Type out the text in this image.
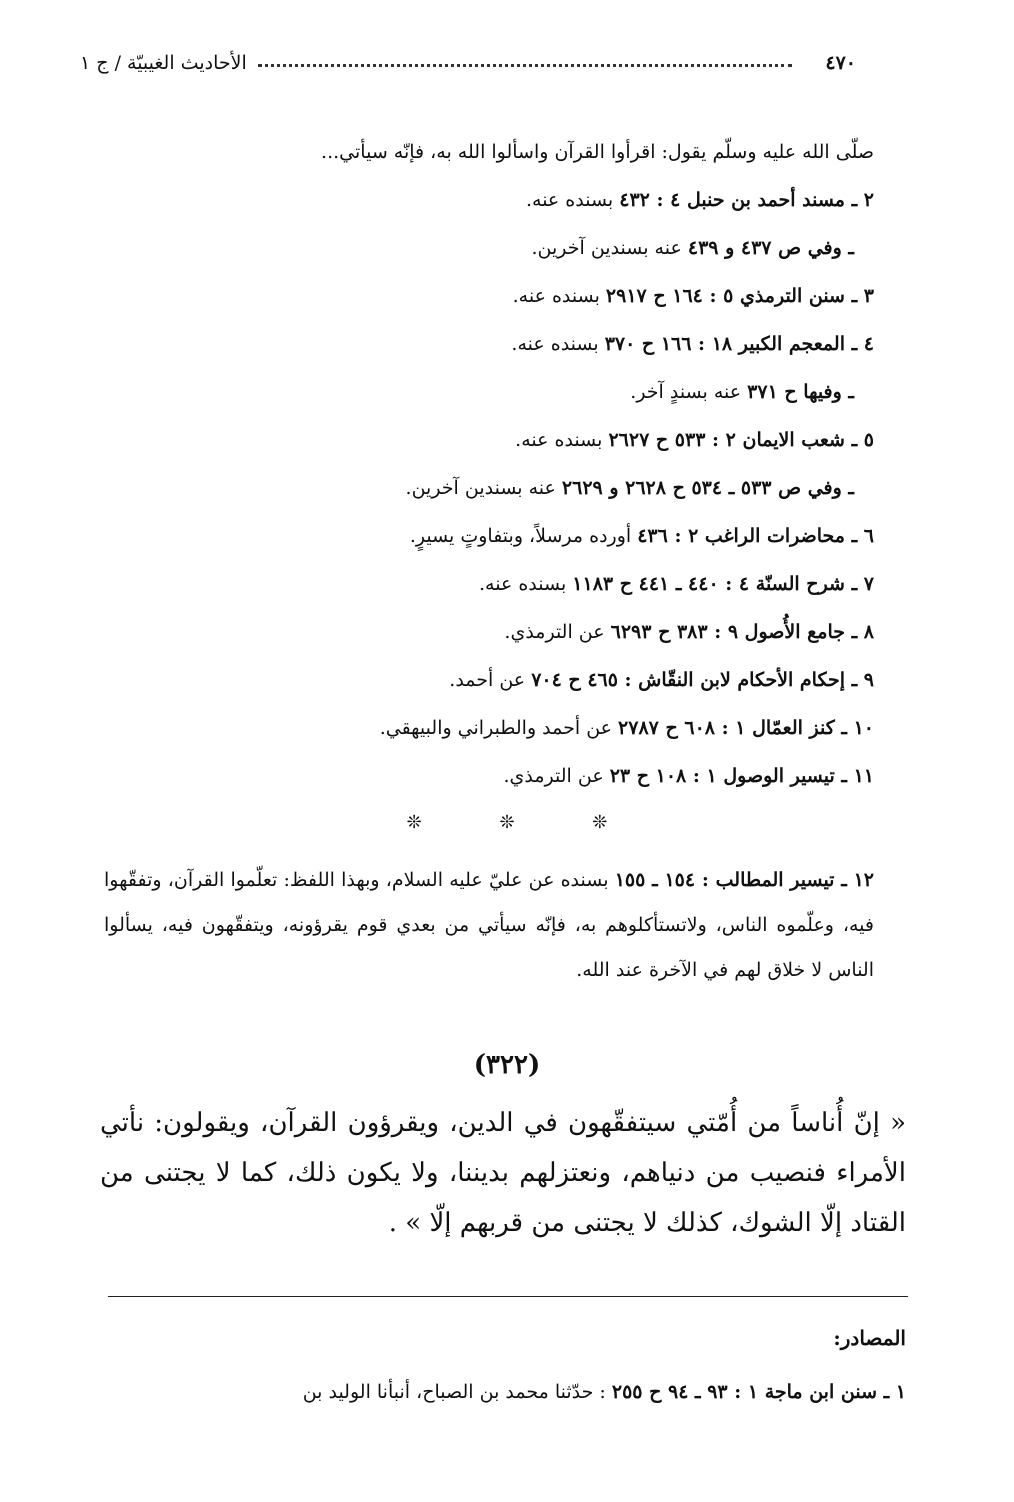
٤٧٠
الأحاديث الغيبيّة / ج ١
صلّى الله عليه وسلّم يقول: اقرأوا القرآن واسألوا الله به، فإنّه سيأتي...
٢ ـ مسند أحمد بن حنبل ٤ : ٤٣٢ بسنده عنه.
ـ وفي ص ٤٣٧ و ٤٣٩ عنه بسندين آخرين.
٣ ـ سنن الترمذي ٥ : ١٦٤ ح ٢٩١٧ بسنده عنه.
٤ ـ المعجم الكبير ١٨ : ١٦٦ ح ٣٧٠ بسنده عنه.
ـ وفيها ح ٣٧١ عنه بسندٍ آخر.
٥ ـ شعب الايمان ٢ : ٥٣٣ ح ٢٦٢٧ بسنده عنه.
ـ وفي ص ٥٣٣ ـ ٥٣٤ ح ٢٦٢٨ و ٢٦٢٩ عنه بسندين آخرين.
٦ ـ محاضرات الراغب ٢ : ٤٣٦ أورده مرسلاً، وبتفاوتٍ يسيرٍ.
٧ ـ شرح السنّة ٤ : ٤٤٠ ـ ٤٤١ ح ١١٨٣ بسنده عنه.
٨ ـ جامع الأُصول ٩ : ٣٨٣ ح ٦٢٩٣ عن الترمذي.
٩ ـ إحكام الأحكام لابن النقّاش : ٤٦٥ ح ٧٠٤ عن أحمد.
١٠ ـ كنز العمّال ١ : ٦٠٨ ح ٢٧٨٧ عن أحمد والطبراني والبيهقي.
١١ ـ تيسير الوصول ١ : ١٠٨ ح ٢٣ عن الترمذي.
❊ ❊ ❊
١٢ ـ تيسير المطالب : ١٥٤ ـ ١٥٥ بسنده عن عليّ عليه السلام، وبهذا اللفظ: تعلّموا القرآن، وتفقّهوا فيه، وعلّموه الناس، ولاتستأكلوهم به، فإنّه سيأتي من بعدي قوم يقرؤونه، ويتفقّهون فيه، يسألوا الناس لا خلاق لهم في الآخرة عند الله.
(٣٢٢)
« إنّ أُناساً من أُمّتي سيتفقّهون في الدين، ويقرؤون القرآن، ويقولون: نأتي الأمراء فنصيب من دنياهم، ونعتزلهم بديننا، ولا يكون ذلك، كما لا يجتنى من القتاد إلّا الشوك، كذلك لا يجتنى من قربهم إلّا » .
المصادر:
١ ـ سنن ابن ماجة ١ : ٩٣ ـ ٩٤ ح ٢٥٥ : حدّثنا محمد بن الصباح، أنبأنا الوليد بن
